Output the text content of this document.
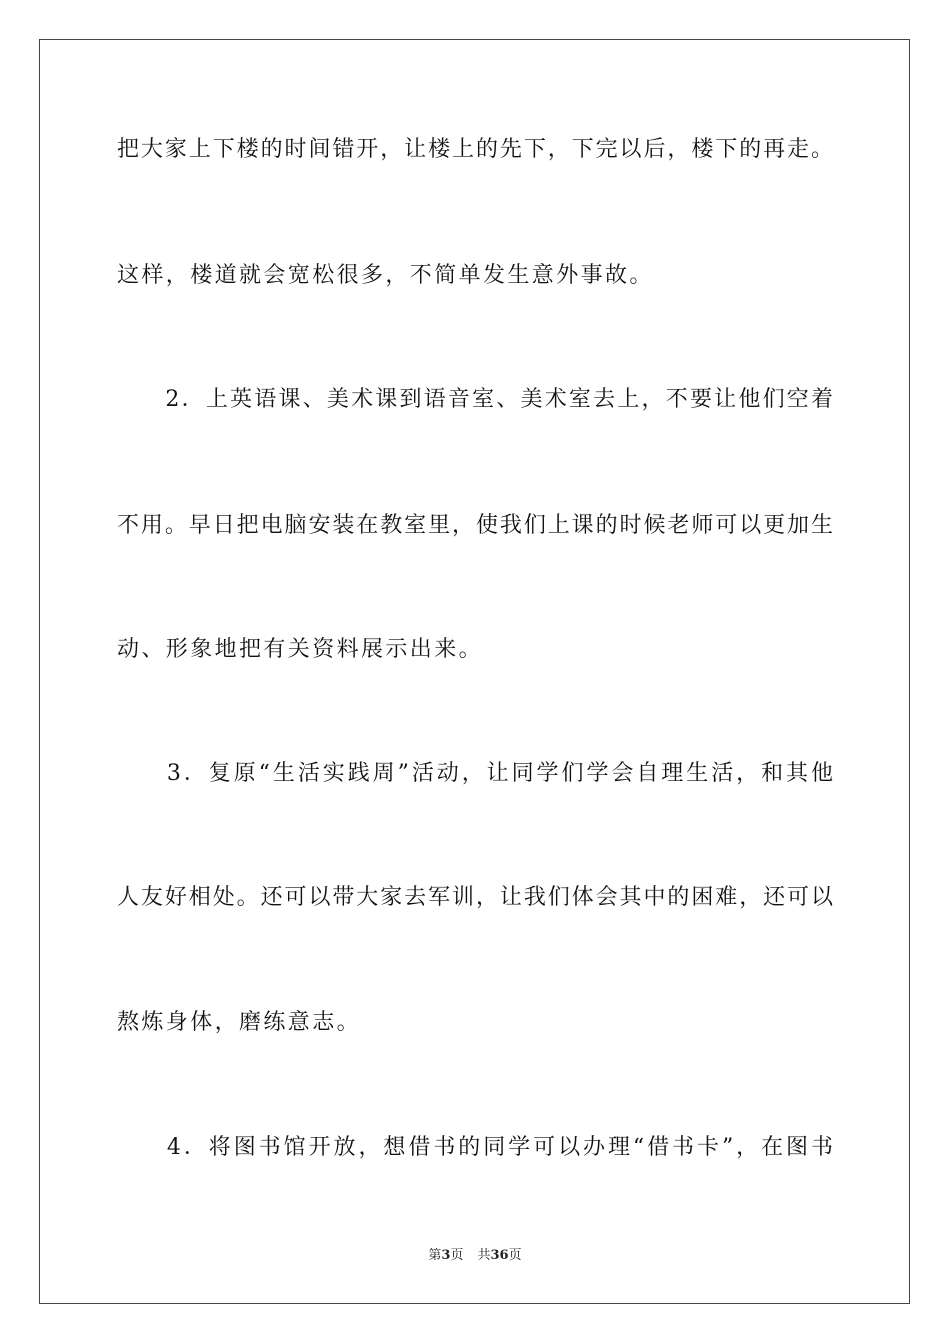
把大家上下楼的时间错开，让楼上的先下，下完以后，楼下的再走。
这样，楼道就会宽松很多，不简单发生意外事故。
　　2．上英语课、美术课到语音室、美术室去上，不要让他们空着
不用。早日把电脑安装在教室里，使我们上课的时候老师可以更加生
动、形象地把有关资料展示出来。
　　3．复原“生活实践周”活动，让同学们学会自理生活，和其他
人友好相处。还可以带大家去军训，让我们体会其中的困难，还可以
熬炼身体，磨练意志。
　　4．将图书馆开放，想借书的同学可以办理“借书卡”，在图书
第3页 共36页
